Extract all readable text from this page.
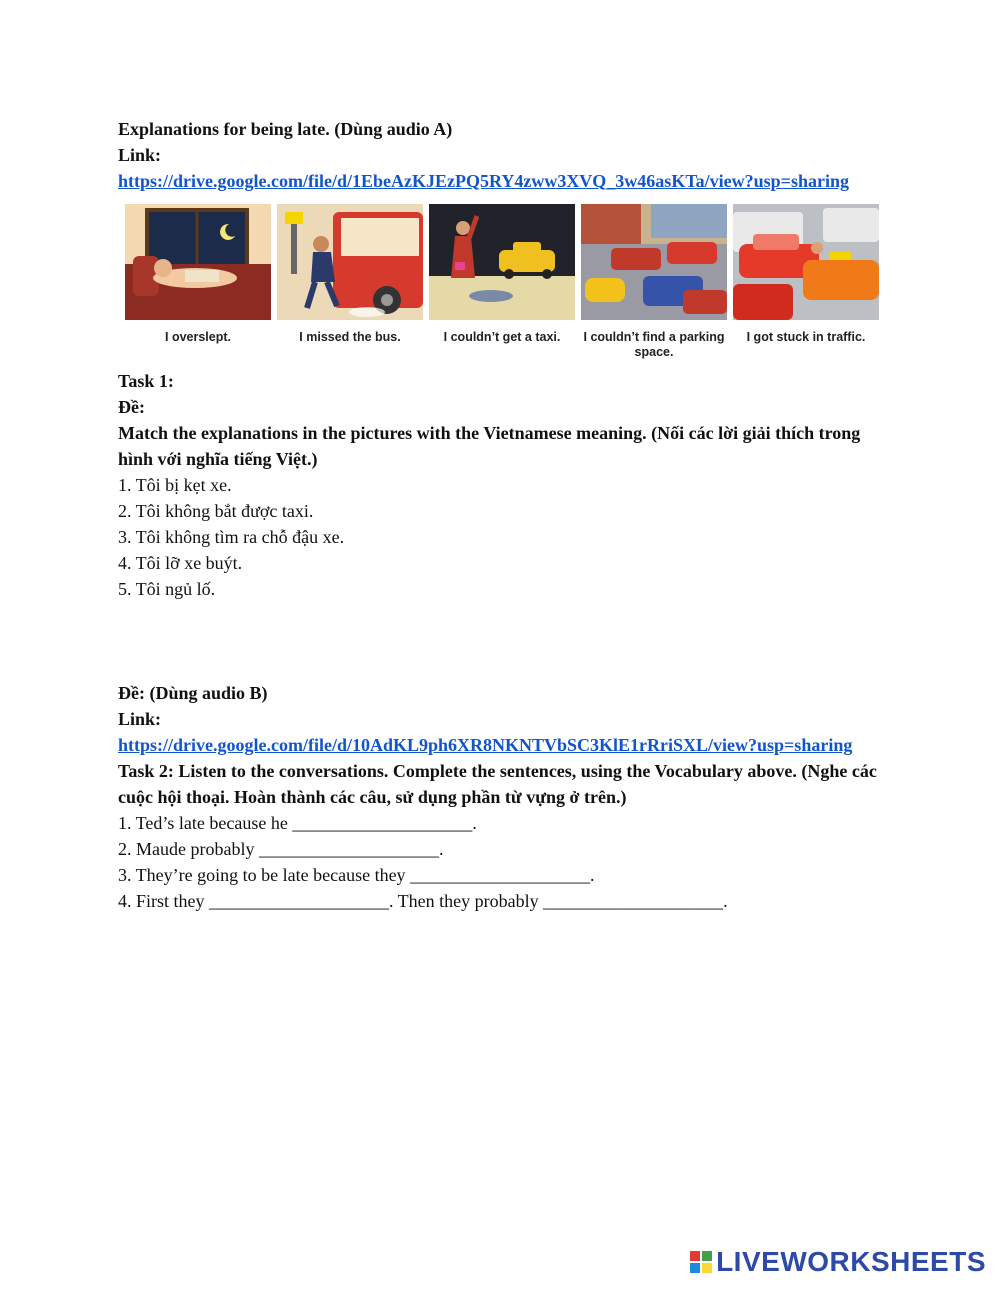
Explanations for being late. (Dùng audio A)
Link:
https://drive.google.com/file/d/1EbeAzKJEzPQ5RY4zww3XVQ_3w46asKTa/view?usp=sharing
I overslept.	I missed the bus.	I couldn’t get a taxi.	I couldn’t find a parking space.
I got stuck in traffic.
Task 1:
Đề:
Match the explanations in the pictures with the Vietnamese meaning. (Nối các lời giải thích trong hình với nghĩa tiếng Việt.)
1. Tôi bị kẹt xe.
2. Tôi không bắt được taxi.
3. Tôi không tìm ra chỗ đậu xe.
4. Tôi lỡ xe buýt.
5. Tôi ngủ lố.
Đề: (Dùng audio B)
Link:
https://drive.google.com/file/d/10AdKL9ph6XR8NKNTVbSC3KlE1rRriSXL/view?usp=sharing
Task 2: Listen to the conversations. Complete the sentences, using the Vocabulary above. (Nghe các cuộc hội thoại. Hoàn thành các câu, sử dụng phần từ vựng ở trên.)
1. Ted’s late because he ____________________.
2. Maude probably ____________________.
3. They’re going to be late because they ____________________.
4. First they ____________________. Then they probably ____________________.
LIVEWORKSHEETS
